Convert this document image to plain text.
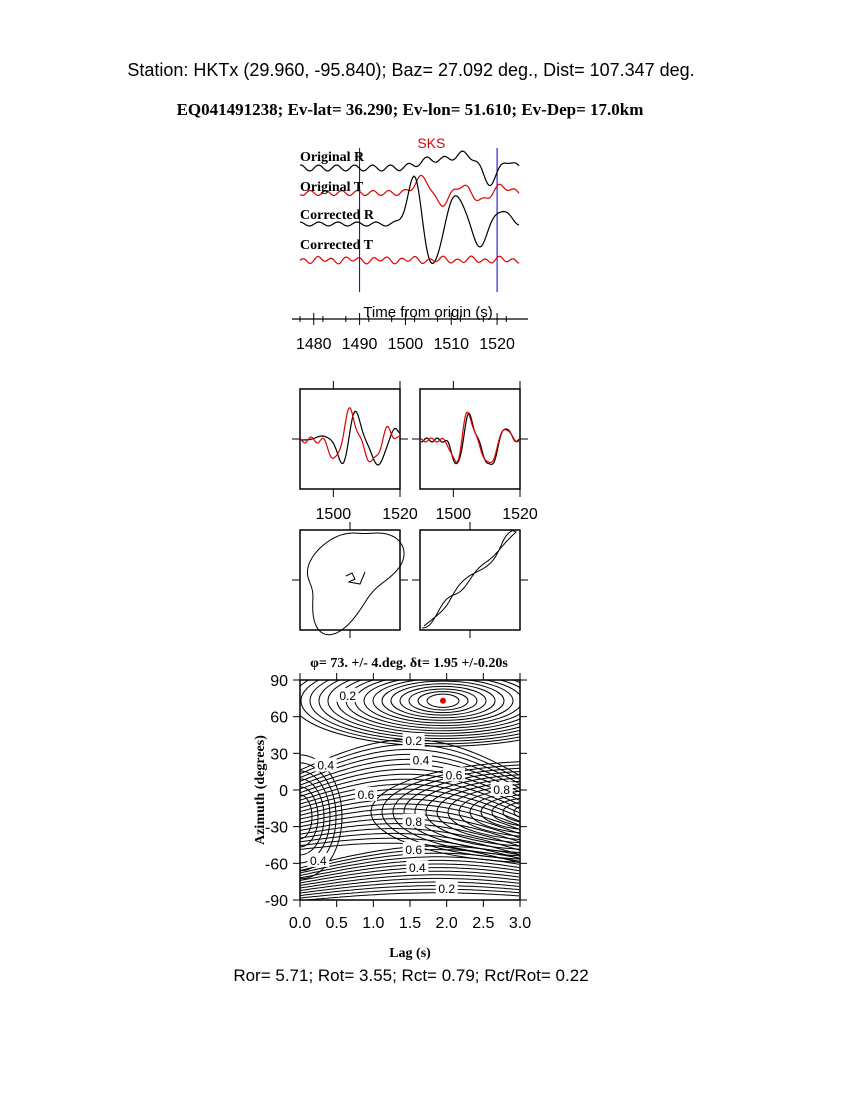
Station: HKTx (29.960, -95.840); Baz= 27.092 deg., Dist= 107.347 deg.
EQ041491238; Ev-lat= 36.290; Ev-lon= 51.610; Ev-Dep= 17.0km
SKS
Original R
Original T
Corrected R
Corrected T
Time from origin (s)
1480 1490 1500 1510 1520
1500 1520 1500 1520
φ= 73. +/- 4.deg. δt= 1.95 +/-0.20s
0.2
0.2
0.4
0.6
0.8
0.4
0.6
0.8
0.6
0.4
0.4
0.2
0.0 0.5 1.0 1.5 2.0 2.5 3.0
90
60
30
0
-30
-60
-90
Lag (s)
Azimuth (degrees)
Ror= 5.71; Rot= 3.55; Rct= 0.79; Rct/Rot= 0.22
